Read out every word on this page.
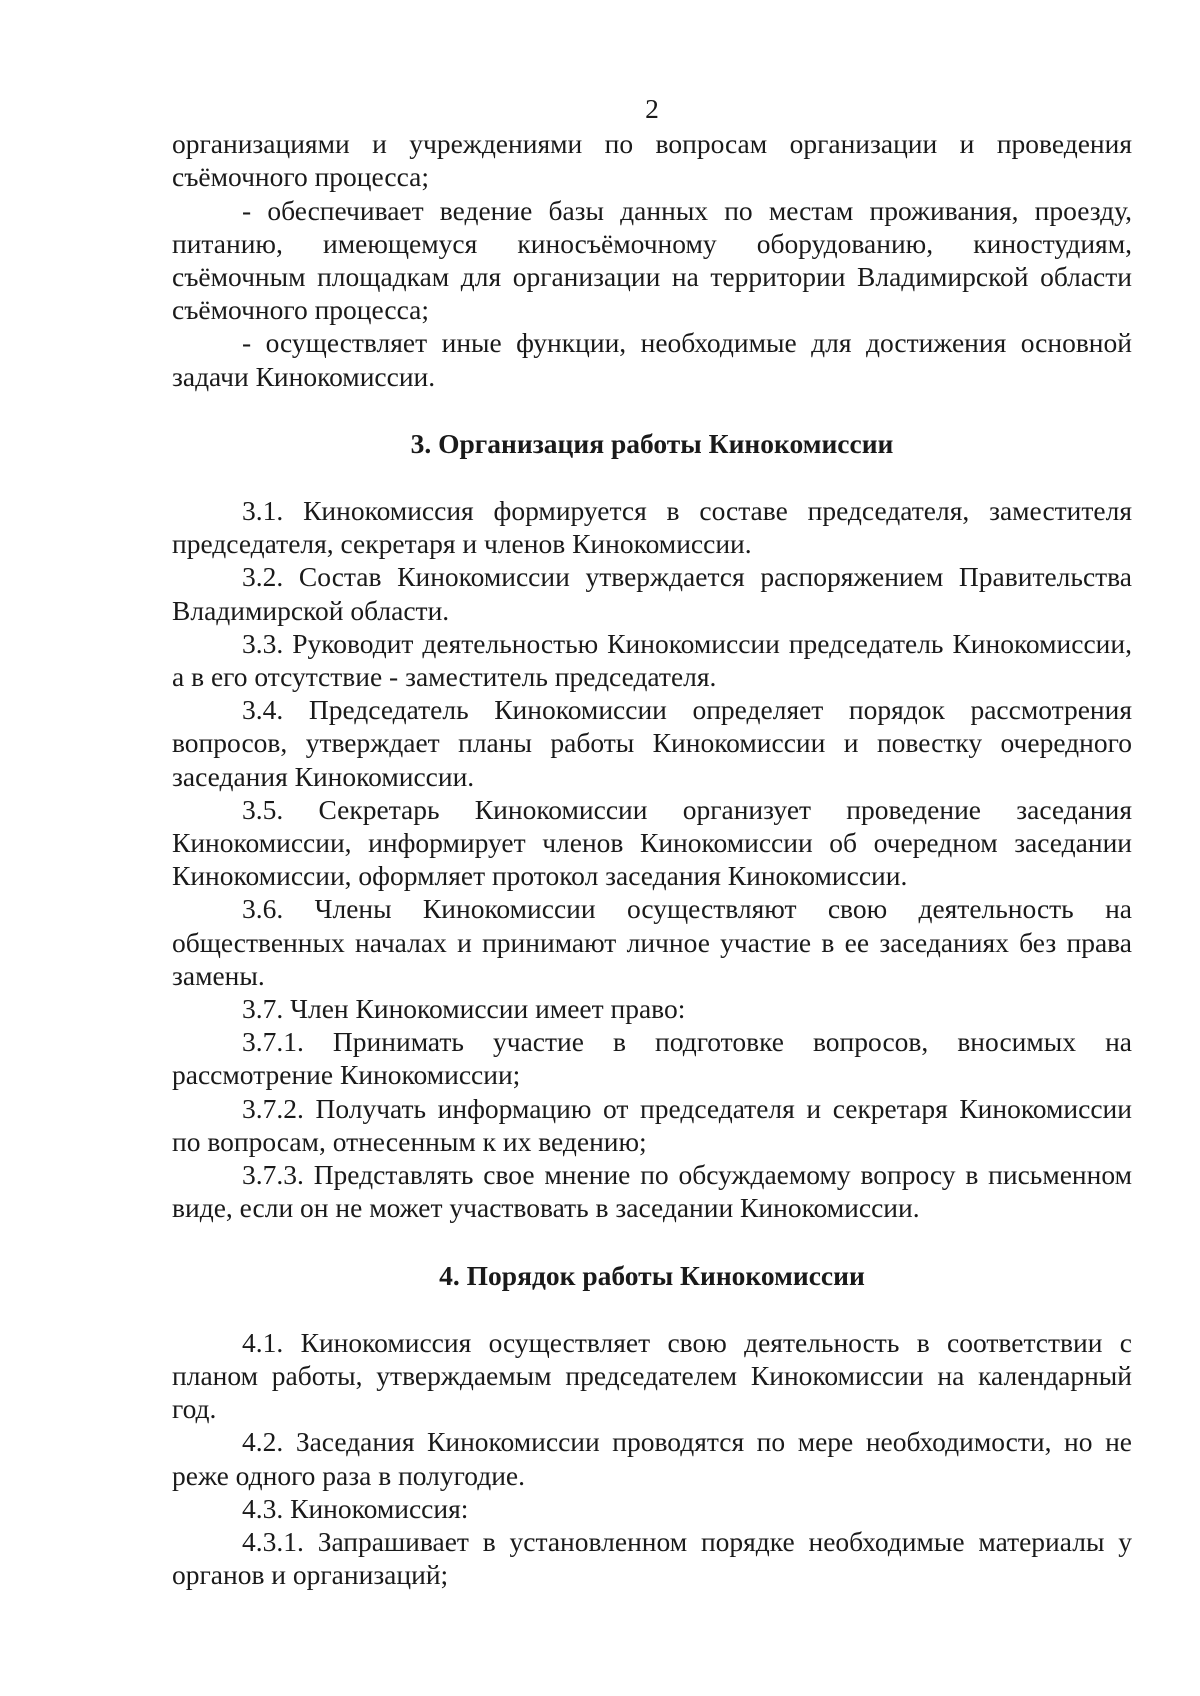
2

организациями и учреждениями по вопросам организации и проведения съёмочного процесса;

- обеспечивает ведение базы данных по местам проживания, проезду, питанию, имеющемуся киносъёмочному оборудованию, киностудиям, съёмочным площадкам для организации на территории Владимирской области съёмочного процесса;

- осуществляет иные функции, необходимые для достижения основной задачи Кинокомиссии.

3. Организация работы Кинокомиссии

3.1. Кинокомиссия формируется в составе председателя, заместителя председателя, секретаря и членов Кинокомиссии.

3.2. Состав Кинокомиссии утверждается распоряжением Правительства Владимирской области.

3.3. Руководит деятельностью Кинокомиссии председатель Кинокомиссии, а в его отсутствие - заместитель председателя.

3.4. Председатель Кинокомиссии определяет порядок рассмотрения вопросов, утверждает планы работы Кинокомиссии и повестку очередного заседания Кинокомиссии.

3.5. Секретарь Кинокомиссии организует проведение заседания Кинокомиссии, информирует членов Кинокомиссии об очередном заседании Кинокомиссии, оформляет протокол заседания Кинокомиссии.

3.6. Члены Кинокомиссии осуществляют свою деятельность на общественных началах и принимают личное участие в ее заседаниях без права замены.

3.7. Член Кинокомиссии имеет право:

3.7.1. Принимать участие в подготовке вопросов, вносимых на рассмотрение Кинокомиссии;

3.7.2. Получать информацию от председателя и секретаря Кинокомиссии по вопросам, отнесенным к их ведению;

3.7.3. Представлять свое мнение по обсуждаемому вопросу в письменном виде, если он не может участвовать в заседании Кинокомиссии.

4. Порядок работы Кинокомиссии

4.1. Кинокомиссия осуществляет свою деятельность в соответствии с планом работы, утверждаемым председателем Кинокомиссии на календарный год.

4.2. Заседания Кинокомиссии проводятся по мере необходимости, но не реже одного раза в полугодие.

4.3. Кинокомиссия:

4.3.1. Запрашивает в установленном порядке необходимые материалы у органов и организаций;
